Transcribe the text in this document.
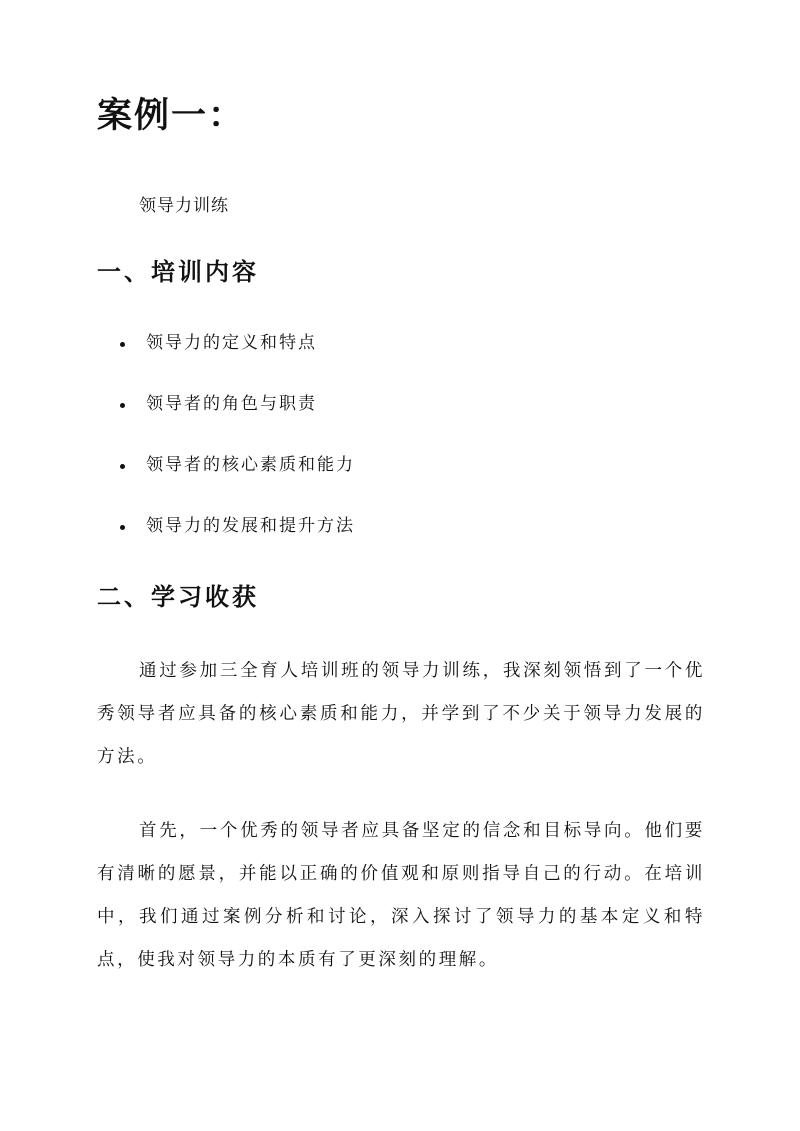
案例一：

领导力训练

一、培训内容
领导力的定义和特点
领导者的角色与职责
领导者的核心素质和能力
领导力的发展和提升方法
二、学习收获

通过参加三全育人培训班的领导力训练，我深刻领悟到了一个优秀领导者应具备的核心素质和能力，并学到了不少关于领导力发展的方法。

首先，一个优秀的领导者应具备坚定的信念和目标导向。他们要有清晰的愿景，并能以正确的价值观和原则指导自己的行动。在培训中，我们通过案例分析和讨论，深入探讨了领导力的基本定义和特点，使我对领导力的本质有了更深刻的理解。
